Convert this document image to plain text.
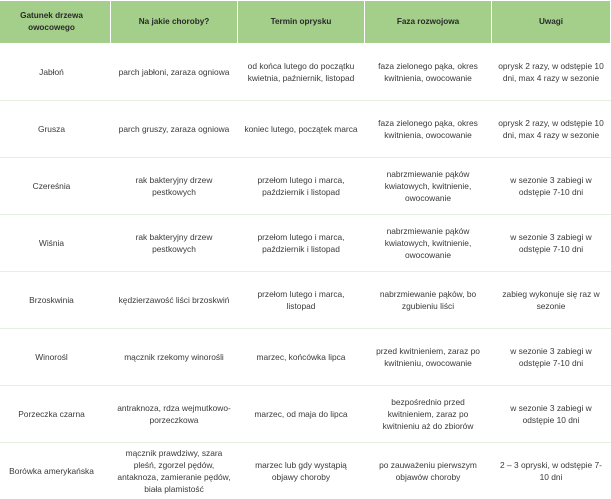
Gatunek drzewa owocowego	Na jakie choroby?	Termin oprysku	Faza rozwojowa	Uwagi
Jabłoń	parch jabłoni, zaraza ogniowa	od końca lutego do początku kwietnia, paźniernik, listopad	faza zielonego pąka, okres kwitnienia, owocowanie	oprysk 2 razy, w odstępie 10 dni, max 4 razy w sezonie
Grusza	parch gruszy, zaraza ogniowa	koniec lutego, początek marca	faza zielonego pąka, okres kwitnienia, owocowanie	oprysk 2 razy, w odstępie 10 dni, max 4 razy w sezonie
Czereśnia	rak bakteryjny drzew pestkowych	przełom lutego i marca, październik i listopad	nabrzmiewanie pąków kwiatowych, kwitnienie, owocowanie	w sezonie 3 zabiegi w odstępie 7-10 dni
Wiśnia	rak bakteryjny drzew pestkowych	przełom lutego i marca, październik i listopad	nabrzmiewanie pąków kwiatowych, kwitnienie, owocowanie	w sezonie 3 zabiegi w odstępie 7-10 dni
Brzoskwinia	kędzierzawość liści brzoskwiń	przełom lutego i marca, listopad	nabrzmiewanie pąków, bo zgubieniu liści	zabieg wykonuje się raz w sezonie
Winorośl	mącznik rzekomy winorośli	marzec, końcówka lipca	przed kwitnieniem, zaraz po kwitnieniu, owocowanie	w sezonie 3 zabiegi w odstępie 7-10 dni
Porzeczka czarna	antraknoza, rdza wejmutkowo-porzeczkowa	marzec, od maja do lipca	bezpośrednio przed kwitnieniem, zaraz po kwitnieniu aż do zbiorów	w sezonie 3 zabiegi w odstępie 10 dni
Borówka amerykańska	mącznik prawdziwy, szara pleśń, zgorzel pędów, antaknoza, zamieranie pędów, biała plamistość	marzec lub gdy wystąpią objawy choroby	po zauważeniu pierwszym objawów choroby	2 – 3 opryski, w odstępie 7-10 dni
